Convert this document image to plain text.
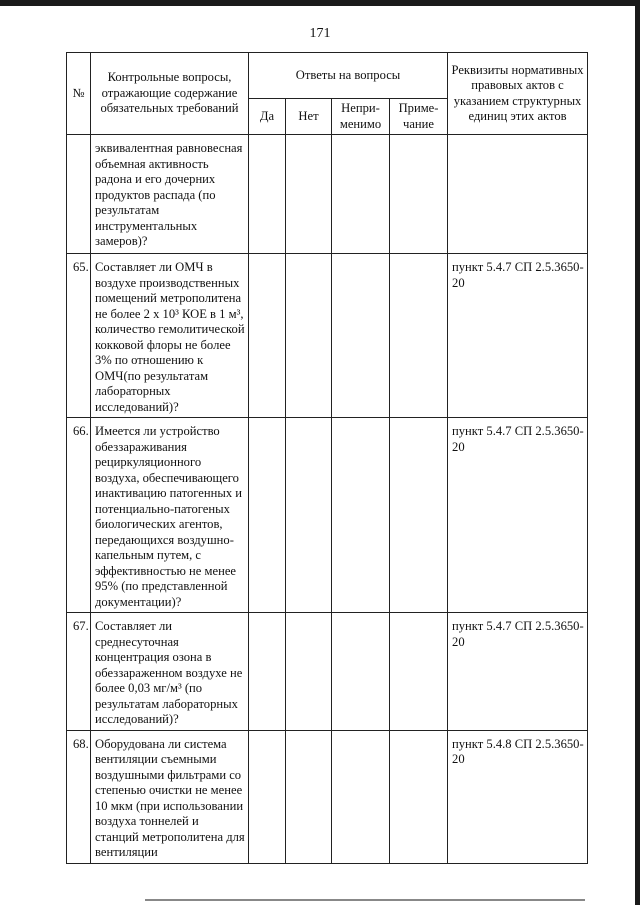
171
№	Контрольные вопросы, отражающие содержание обязательных требований	Ответы на вопросы				Реквизиты нормативных правовых актов с указанием структурных единиц этих актов
		Да	Нет	Непри-менимо	Приме-чание	
	эквивалентная равновесная объемная активность радона и его дочерних продуктов распада (по результатам инструментальных замеров)?					
65.	Составляет ли ОМЧ в воздухе производственных помещений метрополитена не более 2 х 10³ КОЕ в 1 м³, количество гемолитической кокковой флоры не более 3% по отношению к ОМЧ(по результатам лабораторных исследований)?					пункт 5.4.7 СП 2.5.3650-20
66.	Имеется ли устройство обеззараживания рециркуляционного воздуха, обеспечивающего инактивацию патогенных и потенциально-патогеных биологических агентов, передающихся воздушно-капельным путем, с эффективностью не менее 95% (по представленной документации)?					пункт 5.4.7 СП 2.5.3650-20
67.	Составляет ли среднесуточная концентрация озона в обеззараженном воздухе не более 0,03 мг/м³ (по результатам лабораторных исследований)?					пункт 5.4.7 СП 2.5.3650-20
68.	Оборудована ли система вентиляции съемными воздушными фильтрами со степенью очистки не менее 10 мкм (при использовании воздуха тоннелей и станций метрополитена для вентиляции					пункт 5.4.8 СП 2.5.3650-20
